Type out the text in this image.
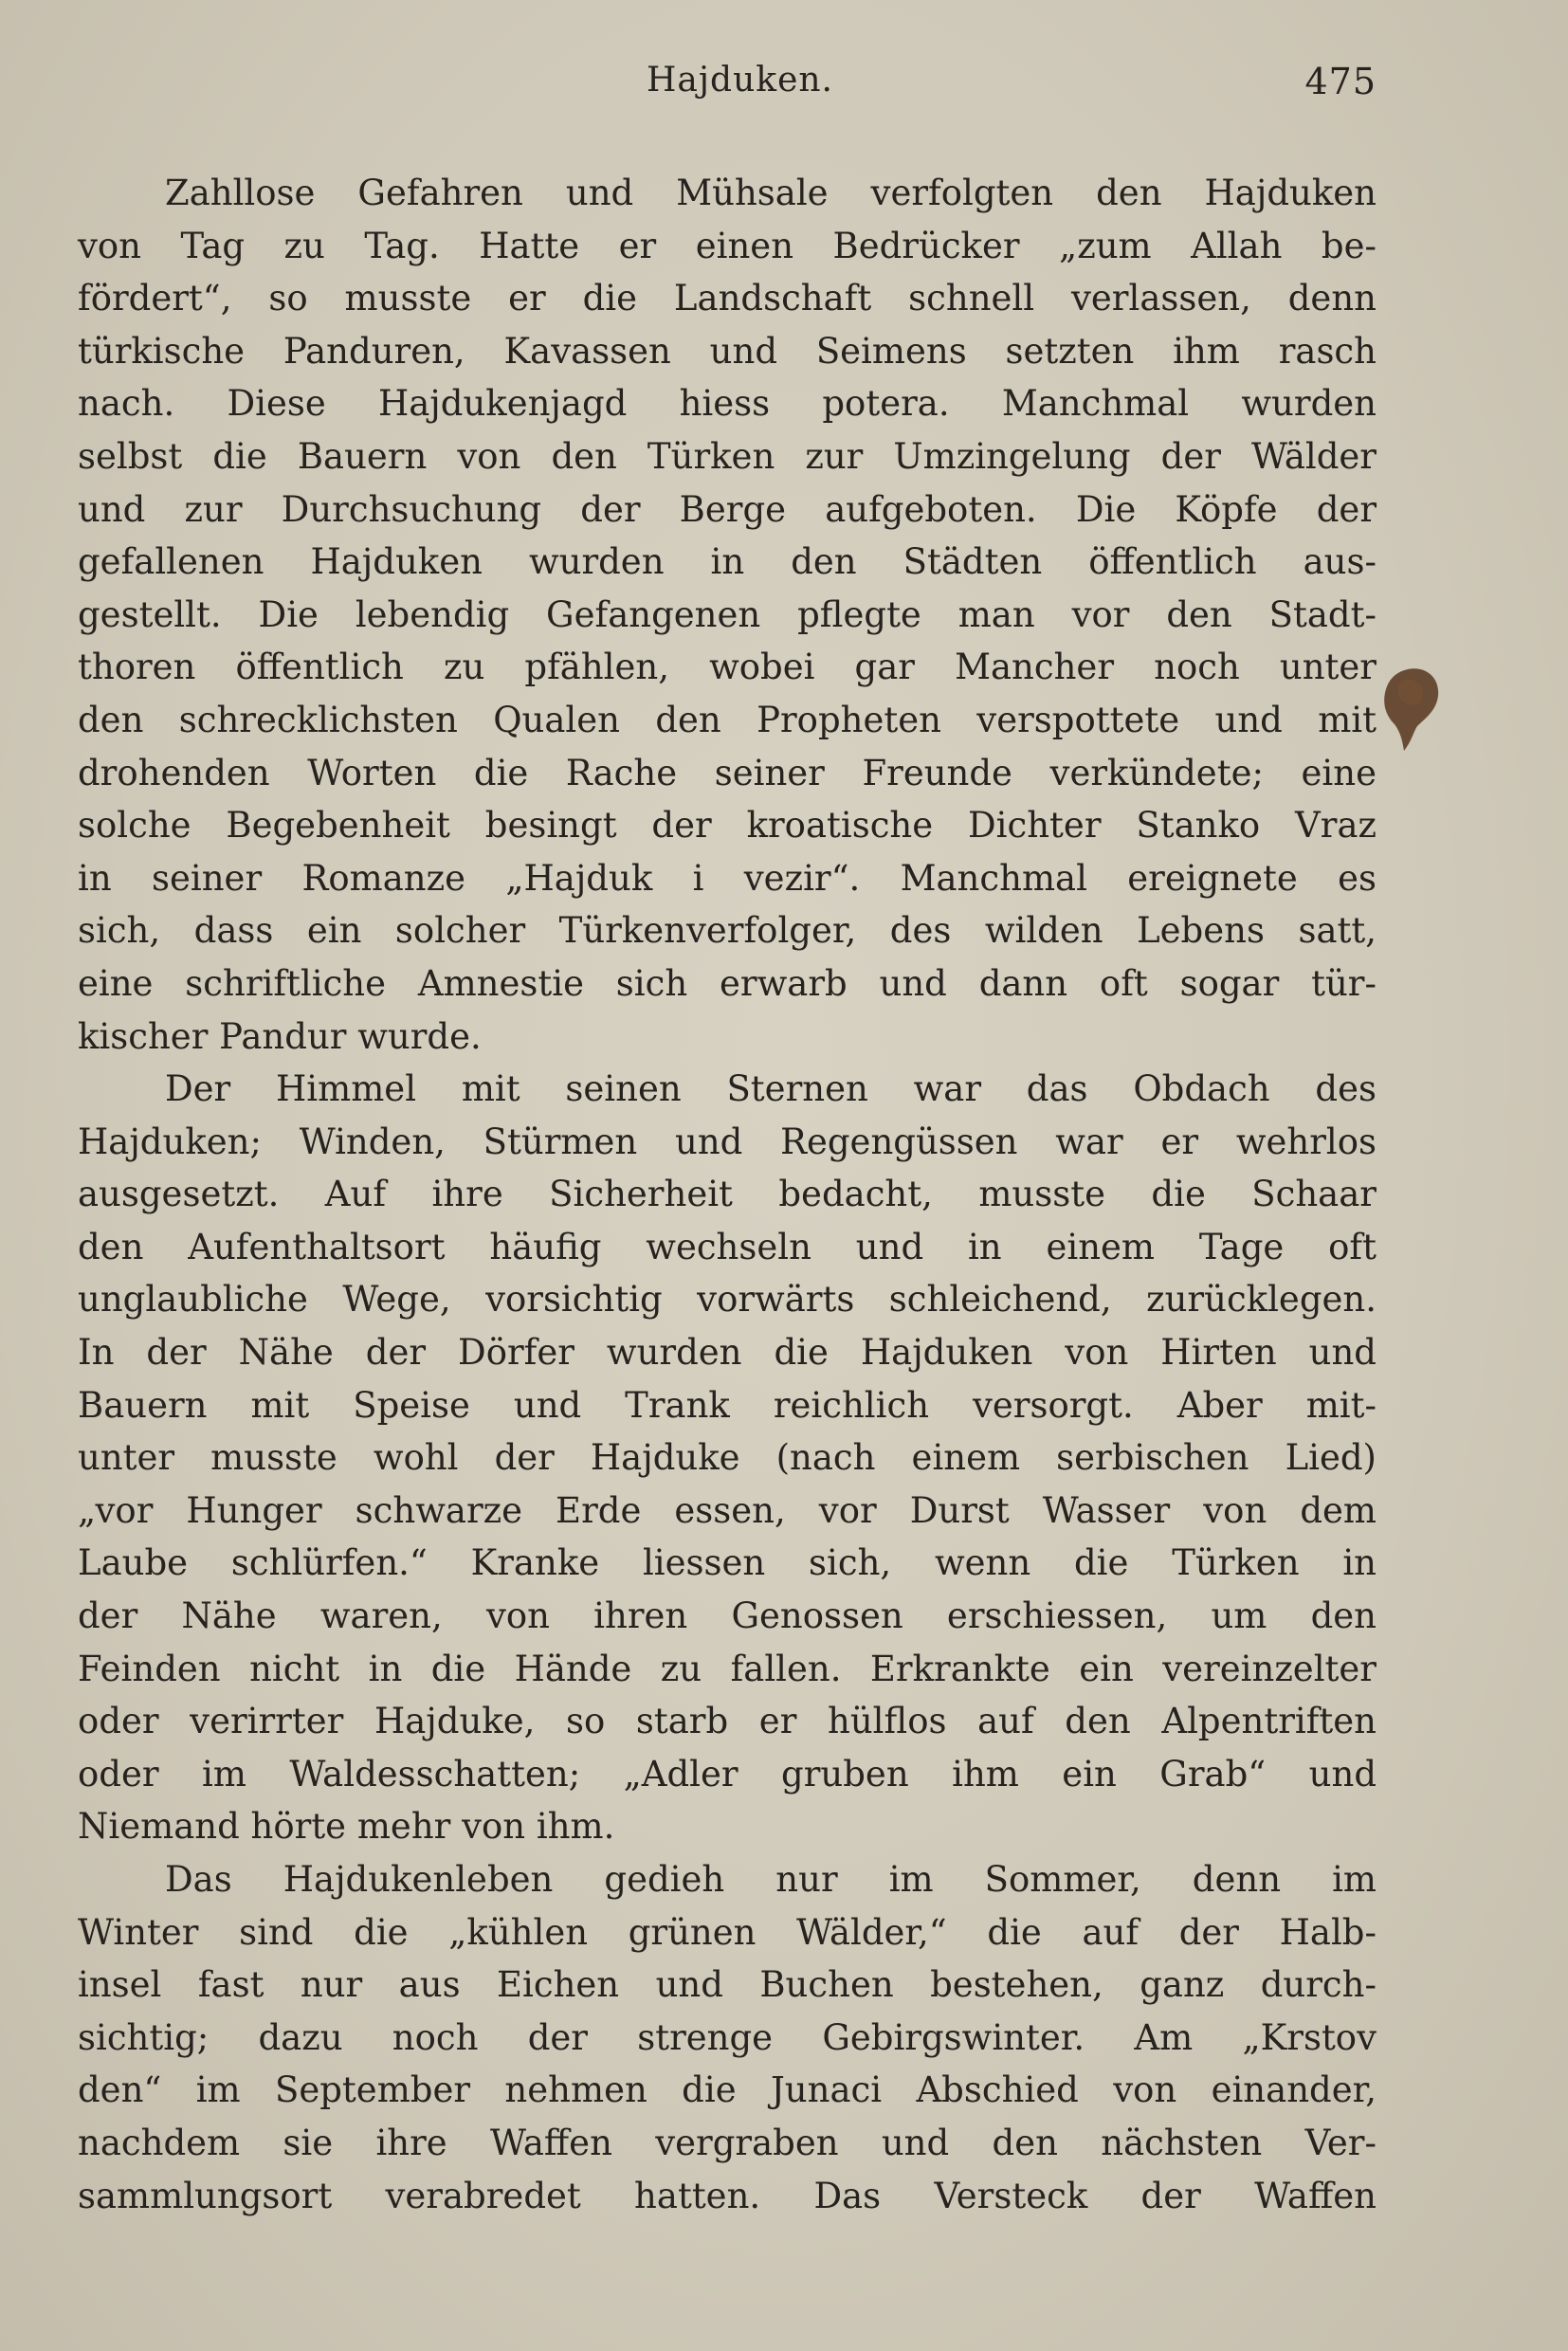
Hajduken.	475
Zahllose Gefahren und Mühsale verfolgten den Hajduken
von Tag zu Tag. Hatte er einen Bedrücker „zum Allah be-
fördert“, so musste er die Landschaft schnell verlassen, denn
türkische Panduren, Kavassen und Seimens setzten ihm rasch
nach. Diese Hajdukenjagd hiess potera. Manchmal wurden
selbst die Bauern von den Türken zur Umzingelung der Wälder
und zur Durchsuchung der Berge aufgeboten. Die Köpfe der
gefallenen Hajduken wurden in den Städten öffentlich aus-
gestellt. Die lebendig Gefangenen pflegte man vor den Stadt-
thoren öffentlich zu pfählen, wobei gar Mancher noch unter
den schrecklichsten Qualen den Propheten verspottete und mit
drohenden Worten die Rache seiner Freunde verkündete; eine
solche Begebenheit besingt der kroatische Dichter Stanko Vraz
in seiner Romanze „Hajduk i vezir“. Manchmal ereignete es
sich, dass ein solcher Türkenverfolger, des wilden Lebens satt,
eine schriftliche Amnestie sich erwarb und dann oft sogar tür-
kischer Pandur wurde.
Der Himmel mit seinen Sternen war das Obdach des
Hajduken; Winden, Stürmen und Regengüssen war er wehrlos
ausgesetzt. Auf ihre Sicherheit bedacht, musste die Schaar
den Aufenthaltsort häufig wechseln und in einem Tage oft
unglaubliche Wege, vorsichtig vorwärts schleichend, zurücklegen.
In der Nähe der Dörfer wurden die Hajduken von Hirten und
Bauern mit Speise und Trank reichlich versorgt. Aber mit-
unter musste wohl der Hajduke (nach einem serbischen Lied)
„vor Hunger schwarze Erde essen, vor Durst Wasser von dem
Laube schlürfen.“ Kranke liessen sich, wenn die Türken in
der Nähe waren, von ihren Genossen erschiessen, um den
Feinden nicht in die Hände zu fallen. Erkrankte ein vereinzelter
oder verirrter Hajduke, so starb er hülflos auf den Alpentriften
oder im Waldesschatten; „Adler gruben ihm ein Grab“ und
Niemand hörte mehr von ihm.
Das Hajdukenleben gedieh nur im Sommer, denn im
Winter sind die „kühlen grünen Wälder,“ die auf der Halb-
insel fast nur aus Eichen und Buchen bestehen, ganz durch-
sichtig; dazu noch der strenge Gebirgswinter. Am „Krstov
den“ im September nehmen die Junaci Abschied von einander,
nachdem sie ihre Waffen vergraben und den nächsten Ver-
sammlungsort verabredet hatten. Das Versteck der Waffen
